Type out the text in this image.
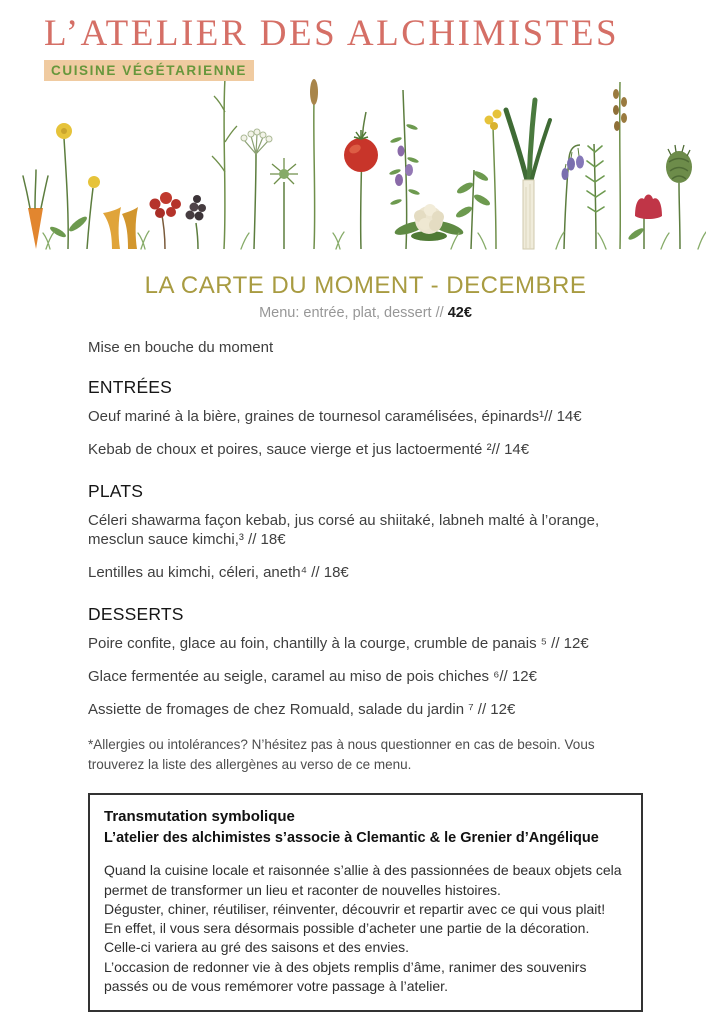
L’ATELIER DES ALCHIMISTES
CUISINE VÉGÉTARIENNE
LA CARTE DU MOMENT - DECEMBRE
Menu: entrée, plat, dessert // 42€

Mise en bouche du moment

ENTRÉES

Oeuf mariné à la bière, graines de tournesol caramélisées, épinards¹// 14€

Kebab de choux et poires, sauce vierge et jus lactoermenté ²// 14€

PLATS

Céleri shawarma façon kebab, jus corsé au shiitaké, labneh malté à l’orange, mesclun sauce kimchi,³ // 18€

Lentilles au kimchi, céleri, aneth⁴ // 18€

DESSERTS

Poire confite, glace au foin, chantilly à la courge, crumble de panais ⁵ // 12€

Glace fermentée au seigle, caramel au miso de pois chiches ⁶// 12€

Assiette de fromages de chez Romuald, salade du jardin ⁷ // 12€

*Allergies ou intolérances? N’hésitez pas à nous questionner en cas de besoin. Vous trouverez la liste des allergènes au verso de ce menu.

Transmutation symbolique

L’atelier des alchimistes s’associe à Clemantic & le Grenier d’Angélique

Quand la cuisine locale et raisonnée s’allie à des passionnées de beaux objets cela permet de transformer un lieu et raconter de nouvelles histoires.

Déguster, chiner, réutiliser, réinventer, découvrir et repartir avec ce qui vous plait!

En effet, il vous sera désormais possible d’acheter une partie de la décoration. Celle-ci variera au gré des saisons et des envies.

L’occasion de redonner vie à des objets remplis d’âme, ranimer des souvenirs passés ou de vous remémorer votre passage à l’atelier.
